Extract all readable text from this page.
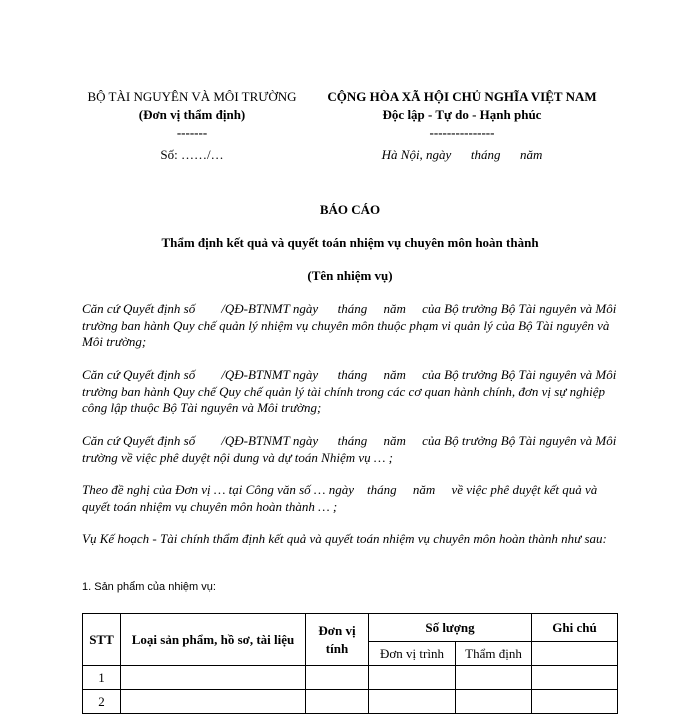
BỘ TÀI NGUYÊN VÀ MÔI TRƯỜNG
(Đơn vị thẩm định)
-------
Số: ……/…
CỘNG HÒA XÃ HỘI CHỦ NGHĨA VIỆT NAM
Độc lập - Tự do - Hạnh phúc
---------------
Hà Nội, ngày      tháng      năm
BÁO CÁO
Thẩm định kết quả và quyết toán nhiệm vụ chuyên môn hoàn thành
(Tên nhiệm vụ)
Căn cứ Quyết định số        /QĐ-BTNMT ngày      tháng     năm     của Bộ trưởng Bộ Tài nguyên và Môi trường ban hành Quy chế quản lý nhiệm vụ chuyên môn thuộc phạm vi quản lý của Bộ Tài nguyên và Môi trường;
Căn cứ Quyết định số        /QĐ-BTNMT ngày      tháng     năm     của Bộ trưởng Bộ Tài nguyên và Môi trường ban hành Quy chế Quy chế quản lý tài chính trong các cơ quan hành chính, đơn vị sự nghiệp công lập thuộc Bộ Tài nguyên và Môi trường;
Căn cứ Quyết định số        /QĐ-BTNMT ngày      tháng     năm     của Bộ trưởng Bộ Tài nguyên và Môi trường về việc phê duyệt nội dung và dự toán Nhiệm vụ … ;
Theo đề nghị của Đơn vị … tại Công văn số … ngày    tháng     năm     về việc phê duyệt kết quả và quyết toán nhiệm vụ chuyên môn hoàn thành … ;
Vụ Kế hoạch - Tài chính thẩm định kết quả và quyết toán nhiệm vụ chuyên môn hoàn thành như sau:
1. Sản phẩm của nhiệm vụ:
STT	Loại sản phẩm, hồ sơ, tài liệu	Đơn vị tính	Số lượng		Ghi chú
			Đơn vị trình	Thẩm định	
1					
2					
